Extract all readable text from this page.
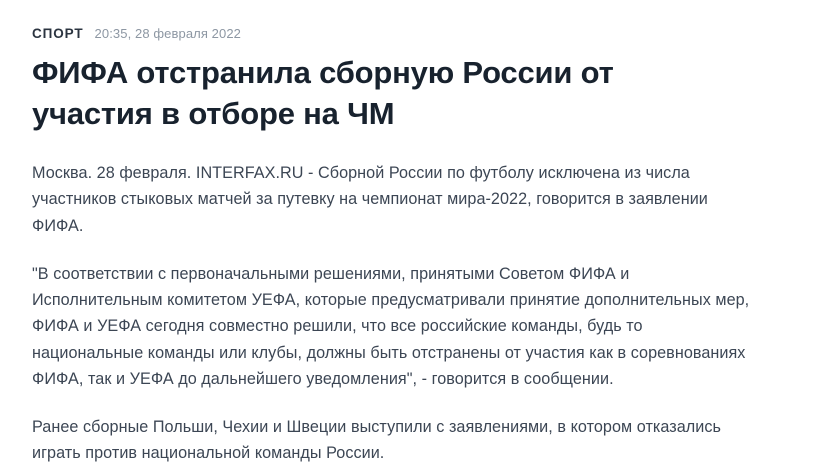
СПОРТ 20:35, 28 февраля 2022
ФИФА отстранила сборную России от участия в отборе на ЧМ

Москва. 28 февраля. INTERFAX.RU - Сборной России по футболу исключена из числа участников стыковых матчей за путевку на чемпионат мира-2022, говорится в заявлении ФИФА.

"В соответствии с первоначальными решениями, принятыми Советом ФИФА и Исполнительным комитетом УЕФА, которые предусматривали принятие дополнительных мер, ФИФА и УЕФА сегодня совместно решили, что все российские команды, будь то национальные команды или клубы, должны быть отстранены от участия как в соревнованиях ФИФА, так и УЕФА до дальнейшего уведомления", - говорится в сообщении.

Ранее сборные Польши, Чехии и Швеции выступили с заявлениями, в котором отказались играть против национальной команды России.
